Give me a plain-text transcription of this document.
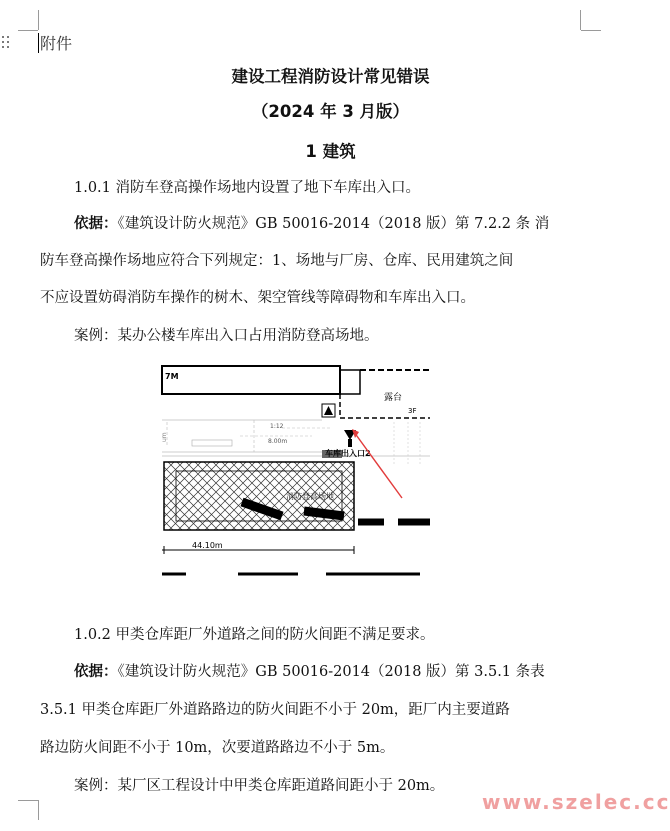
附件
建设工程消防设计常见错误
（2024 年 3 月版）
1 建筑
1.0.1 消防车登高操作场地内设置了地下车库出入口。
依据：《建筑设计防火规范》GB 50016-2014（2018 版）第 7.2.2 条 消
防车登高操作场地应符合下列规定：1、场地与厂房、仓库、民用建筑之间
不应设置妨碍消防车操作的树木、架空管线等障碍物和车库出入口。
案例：某办公楼车库出入口占用消防登高场地。
7M
露台
3F
um
1:12
8.00m
车库出入口2
消防登高场地
44.10m
1.0.2 甲类仓库距厂外道路之间的防火间距不满足要求。
依据：《建筑设计防火规范》GB 50016-2014（2018 版）第 3.5.1 条表
3.5.1 甲类仓库距厂外道路路边的防火间距不小于 20m，距厂内主要道路
路边防火间距不小于 10m，次要道路路边不小于 5m。
案例：某厂区工程设计中甲类仓库距道路间距小于 20m。
www.szelec.cc
